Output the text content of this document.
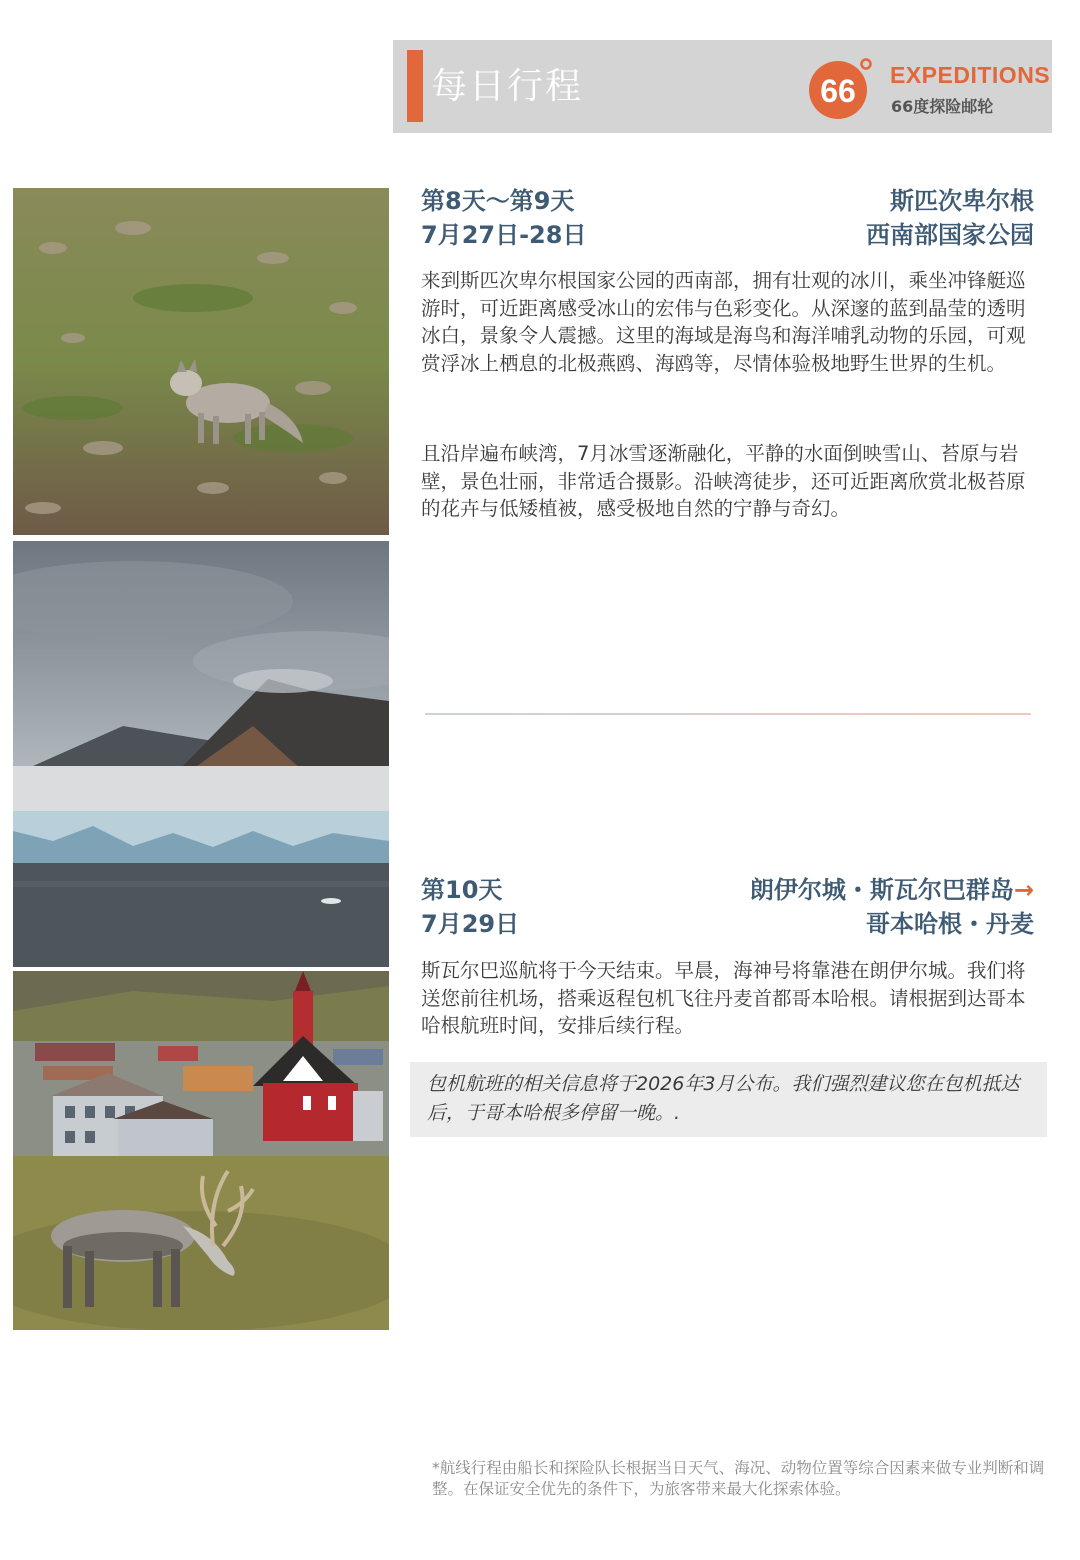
每日行程	66 EXPEDITIONS
66度探险邮轮
第8天～第9天
7月27日-28日
斯匹次卑尔根
西南部国家公园

来到斯匹次卑尔根国家公园的西南部，拥有壮观的冰川，乘坐冲锋艇巡游时，可近距离感受冰山的宏伟与色彩变化。从深邃的蓝到晶莹的透明冰白，景象令人震撼。这里的海域是海鸟和海洋哺乳动物的乐园，可观赏浮冰上栖息的北极燕鸥、海鸥等，尽情体验极地野生世界的生机。

且沿岸遍布峡湾，7月冰雪逐渐融化，平静的水面倒映雪山、苔原与岩壁，景色壮丽，非常适合摄影。沿峡湾徒步，还可近距离欣赏北极苔原的花卉与低矮植被，感受极地自然的宁静与奇幻。

第10天
7月29日
朗伊尔城・斯瓦尔巴群岛→
哥本哈根・丹麦

斯瓦尔巴巡航将于今天结束。早晨，海神号将靠港在朗伊尔城。我们将送您前往机场，搭乘返程包机飞往丹麦首都哥本哈根。请根据到达哥本哈根航班时间，安排后续行程。

包机航班的相关信息将于2026年3月公布。我们强烈建议您在包机抵达后，于哥本哈根多停留一晚。.

*航线行程由船长和探险队长根据当日天气、海况、动物位置等综合因素来做专业判断和调整。在保证安全优先的条件下，为旅客带来最大化探索体验。
